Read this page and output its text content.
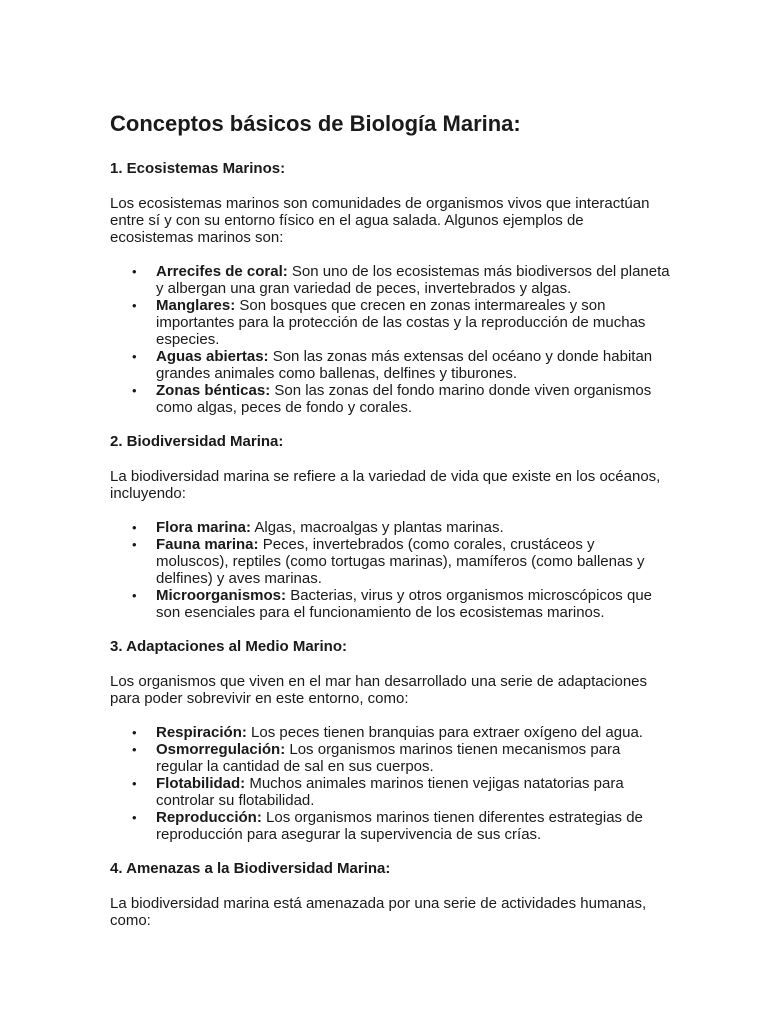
Conceptos básicos de Biología Marina:
1. Ecosistemas Marinos:

Los ecosistemas marinos son comunidades de organismos vivos que interactúan entre sí y con su entorno físico en el agua salada. Algunos ejemplos de ecosistemas marinos son:

• Arrecifes de coral: Son uno de los ecosistemas más biodiversos del planeta y albergan una gran variedad de peces, invertebrados y algas.
• Manglares: Son bosques que crecen en zonas intermareales y son importantes para la protección de las costas y la reproducción de muchas especies.
• Aguas abiertas: Son las zonas más extensas del océano y donde habitan grandes animales como ballenas, delfines y tiburones.
• Zonas bénticas: Son las zonas del fondo marino donde viven organismos como algas, peces de fondo y corales.
2. Biodiversidad Marina:

La biodiversidad marina se refiere a la variedad de vida que existe en los océanos, incluyendo:

• Flora marina: Algas, macroalgas y plantas marinas.
• Fauna marina: Peces, invertebrados (como corales, crustáceos y moluscos), reptiles (como tortugas marinas), mamíferos (como ballenas y delfines) y aves marinas.
• Microorganismos: Bacterias, virus y otros organismos microscópicos que son esenciales para el funcionamiento de los ecosistemas marinos.
3. Adaptaciones al Medio Marino:

Los organismos que viven en el mar han desarrollado una serie de adaptaciones para poder sobrevivir en este entorno, como:

• Respiración: Los peces tienen branquias para extraer oxígeno del agua.
• Osmorregulación: Los organismos marinos tienen mecanismos para regular la cantidad de sal en sus cuerpos.
• Flotabilidad: Muchos animales marinos tienen vejigas natatorias para controlar su flotabilidad.
• Reproducción: Los organismos marinos tienen diferentes estrategias de reproducción para asegurar la supervivencia de sus crías.
4. Amenazas a la Biodiversidad Marina:

La biodiversidad marina está amenazada por una serie de actividades humanas, como:
